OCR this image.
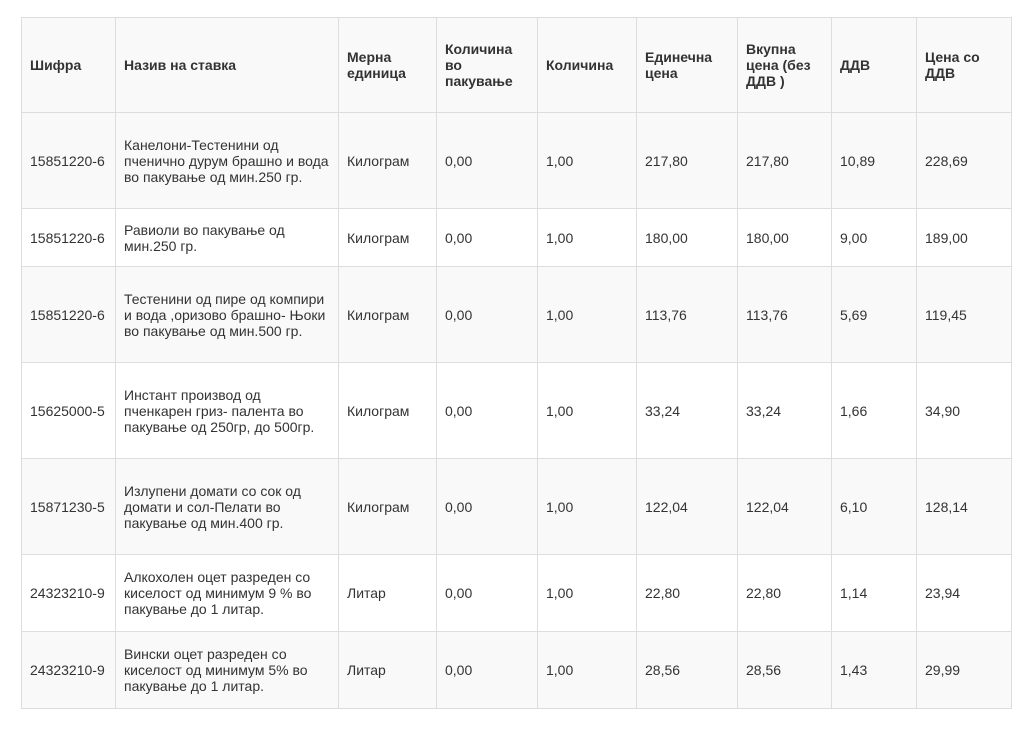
Шифра	Назив на ставка	Мерна единица	Количина во пакување	Количина	Единечна цена	Вкупна цена (без ДДВ )	ДДВ	Цена со ДДВ
15851220-6	Канелони-Тестенини од пченично дурум брашно и вода во пакување од мин.250 гр.	Килограм	0,00	1,00	217,80	217,80	10,89	228,69
15851220-6	Равиоли во пакување од мин.250 гр.	Килограм	0,00	1,00	180,00	180,00	9,00	189,00
15851220-6	Тестенини од пире од компири и вода ,оризово брашно- Њоки во пакување од мин.500 гр.	Килограм	0,00	1,00	113,76	113,76	5,69	119,45
15625000-5	Инстант производ од пченкарен гриз- палента во пакување од 250гр, до 500гр.	Килограм	0,00	1,00	33,24	33,24	1,66	34,90
15871230-5	Излупени домати со сок од домати и сол-Пелати во пакување од мин.400 гр.	Килограм	0,00	1,00	122,04	122,04	6,10	128,14
24323210-9	Алкохолен оцет разреден со киселост од минимум 9 % во пакување до 1 литар.	Литар	0,00	1,00	22,80	22,80	1,14	23,94
24323210-9	Вински оцет разреден со киселост од минимум 5% во пакување до 1 литар.	Литар	0,00	1,00	28,56	28,56	1,43	29,99
